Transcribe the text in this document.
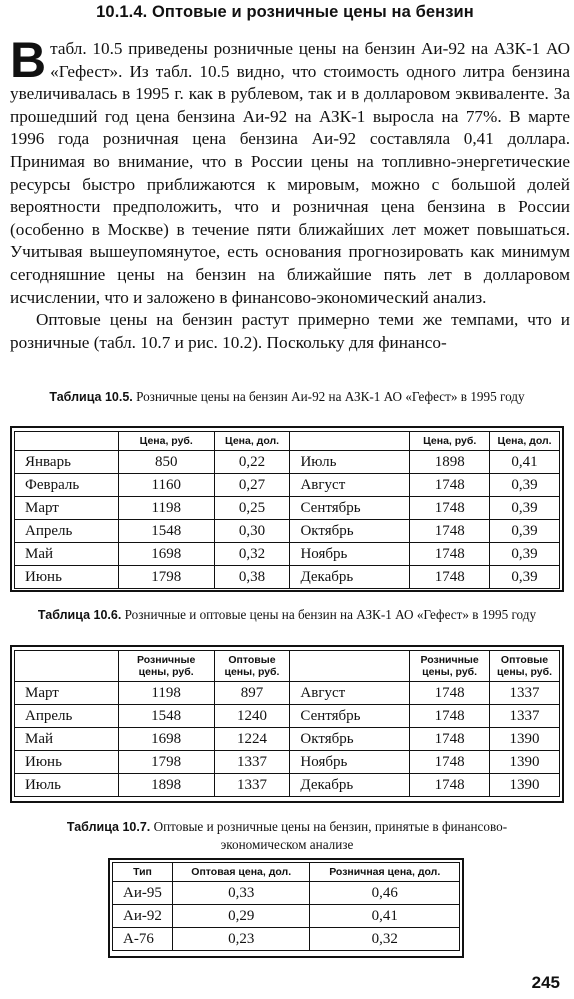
10.1.4. Оптовые и розничные цены на бензин

В табл. 10.5 приведены розничные цены на бензин Аи-92 на АЗК-1 АО «Гефест». Из табл. 10.5 видно, что стоимость одного литра бензина увеличивалась в 1995 г. как в рублевом, так и в долларовом эквиваленте. За прошедший год цена бензина Аи-92 на АЗК-1 выросла на 77%. В марте 1996 года розничная цена бензина Аи-92 составляла 0,41 доллара. Принимая во внимание, что в России цены на топливно-энергетические ресурсы быстро приближаются к мировым, можно с большой долей вероятности предположить, что и розничная цена бензина в России (особенно в Москве) в течение пяти ближайших лет может повышаться. Учитывая вышеупомянутое, есть основания прогнозировать как минимум сегодняшние цены на бензин на ближайшие пять лет в долларовом исчислении, что и заложено в финансово-экономический анализ.

Оптовые цены на бензин растут примерно теми же темпами, что и розничные (табл. 10.7 и рис. 10.2). Поскольку для финансо-

Таблица 10.5. Розничные цены на бензин Аи-92 на АЗК-1 АО «Гефест» в 1995 году
	Цена, руб.	Цена, дол.		Цена, руб.	Цена, дол.
Январь	850	0,22	Июль	1898	0,41
Февраль	1160	0,27	Август	1748	0,39
Март	1198	0,25	Сентябрь	1748	0,39
Апрель	1548	0,30	Октябрь	1748	0,39
Май	1698	0,32	Ноябрь	1748	0,39
Июнь	1798	0,38	Декабрь	1748	0,39
Таблица 10.6. Розничные и оптовые цены на бензин на АЗК-1 АО «Гефест» в 1995 году
	Розничные цены, руб.	Оптовые цены, руб.		Розничные цены, руб.	Оптовые цены, руб.
Март	1198	897	Август	1748	1337
Апрель	1548	1240	Сентябрь	1748	1337
Май	1698	1224	Октябрь	1748	1390
Июнь	1798	1337	Ноябрь	1748	1390
Июль	1898	1337	Декабрь	1748	1390
Таблица 10.7. Оптовые и розничные цены на бензин, принятые в финансово-экономическом анализе
Тип	Оптовая цена, дол.	Розничная цена, дол.
Аи-95	0,33	0,46
Аи-92	0,29	0,41
А-76	0,23	0,32
245
